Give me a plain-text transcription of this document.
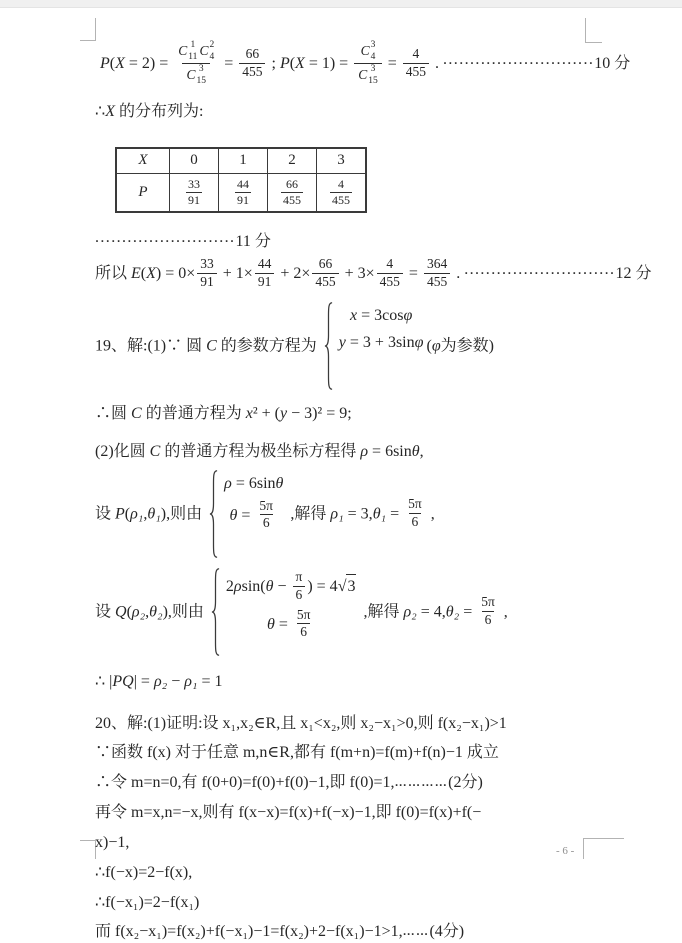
- 6 -
P(X = 2) = C 1
11 C 2
4
C 3
$15 = \frac{66}{455}$ ; P(X = 1) = C 3
4
C 3
$15 = \frac{4}{455}$ . ····························10 分
∴X 的分布列为:
X	0	1	2	3
P	$\frac{33}{91}$	$\frac{44}{91}$	$\frac{66}{455}$	$\frac{4}{455}$
··························11 分
所以 $E(X) = 0\times \frac{33}{91} + 1\times \frac{44}{91} + 2\times \frac{66}{455} + 3\times \frac{4}{455} = \frac{364}{455}$ . ····························12 分
19、解:(1)∵ 圆 C 的参数方程为
x = 3cosφ
y = 3 + 3sinφ (φ为参数)
∴圆 C 的普通方程为 x² + (y − 3)² = 9;
(2)化圆 C 的普通方程为极坐标方程得 ρ = 6sinθ,
设 P(ρ₁,θ₁),则由
ρ = 6sinθ
$\theta = \frac{5\pi}{6}$ ,解得 $\rho_1 = 3,\theta_1 = \frac{5\pi}{6}$ ,
设 Q(ρ₂,θ₂),则由
$2\rho\sin(\theta - \frac{\pi}{6}$ ) = 4 √ 3
$\theta = \frac{5\pi}{6}$	,解得 $\rho_2 = 4,\theta_2 = \frac{5\pi}{6}$ ,
∴ |PQ| = ρ₂ − ρ₁ = 1
20、解:(1)证明:设 x₁,x₂∈R,且 x₁<x₂,则 x₂−x₁>0,则 f(x₂−x₁)>1
∵函数 f(x) 对于任意 m,n∈R,都有 f(m+n)=f(m)+f(n)−1 成立
∴令 m=n=0,有 f(0+0)=f(0)+f(0)−1,即 f(0)=1,…………(2分)
再令 m=x,n=−x,则有 f(x−x)=f(x)+f(−x)−1,即 f(0)=f(x)+f(−
x)−1,
∴f(−x)=2−f(x),
∴f(−x₁)=2−f(x₁)
而 f(x₂−x₁)=f(x₂)+f(−x₁)−1=f(x₂)+2−f(x₁)−1>1,……(4分)
